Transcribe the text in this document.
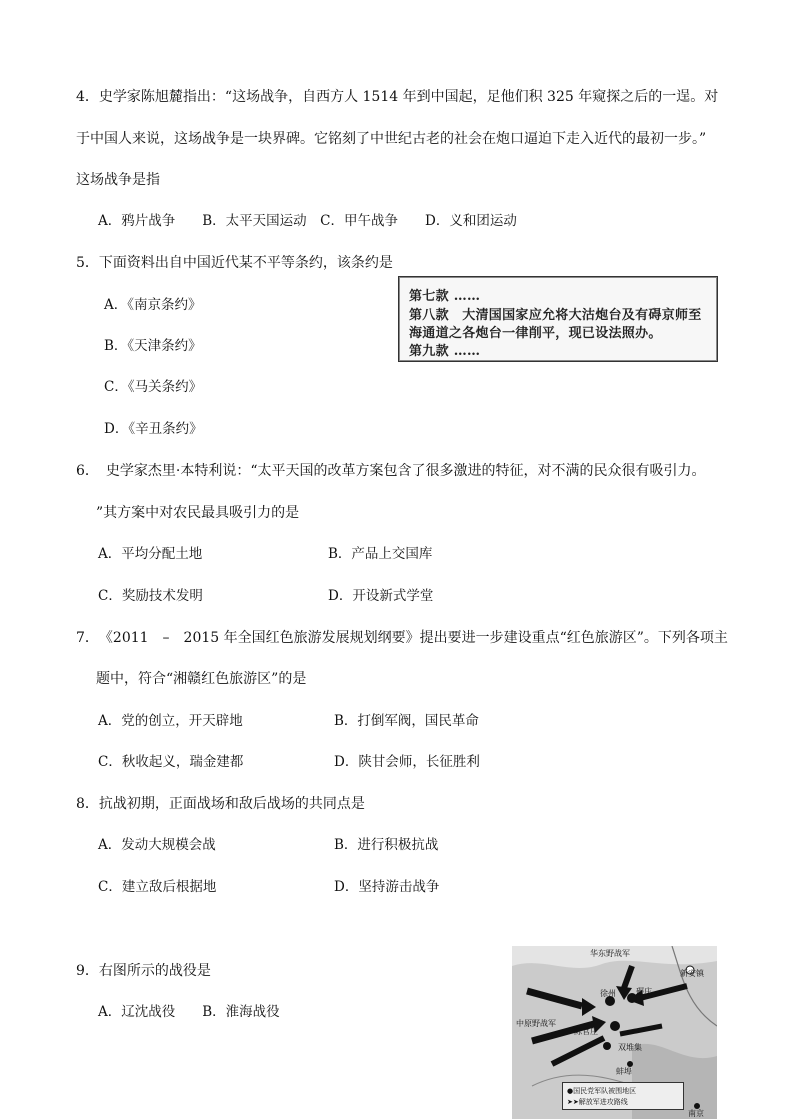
4．史学家陈旭麓指出：“这场战争，自西方人 1514 年到中国起，足他们积 325 年窥探之后的一逞。对
于中国人来说，这场战争是一块界碑。它铭刻了中世纪古老的社会在炮口逼迫下走入近代的最初一步。”
这场战争是指
A．鸦片战争　　B．太平天国运动　C．甲午战争　　D．义和团运动
5．下面资料出自中国近代某不平等条约，该条约是
A．《南京条约》
B．《天津条约》
C．《马关条约》
D．《辛丑条约》
第七款 ……
第八款　大清国国家应允将大沽炮台及有碍京师至
海通道之各炮台一律削平，现已设法照办。
第九款 ……
6．　史学家杰里·本特利说：“太平天国的改革方案包含了很多激进的特征，对不满的民众很有吸引力。
”其方案中对农民最具吸引力的是
A．平均分配土地	B．产品上交国库
C．奖励技术发明	D．开设新式学堂
7．　《2011　–　2015 年全国红色旅游发展规划纲要》提出要进一步建设重点“红色旅游区”。下列各项主
题中，符合“湘赣红色旅游区”的是
A．党的创立，开天辟地	B．打倒军阀，国民革命
C．秋收起义，瑞金建都	D．陕甘会师，长征胜利
8．抗战初期，正面战场和敌后战场的共同点是
A．发动大规模会战	B．进行积极抗战
C．建立敌后根据地	D．坚持游击战争
9．右图所示的战役是
A．辽沈战役　　B．淮海战役
华东野战军
新安镇
徐州	碾庄
中原野战军
陈官庄
双堆集
蚌埠
南京
●国民党军队被围地区
➤➤解放军进攻路线
